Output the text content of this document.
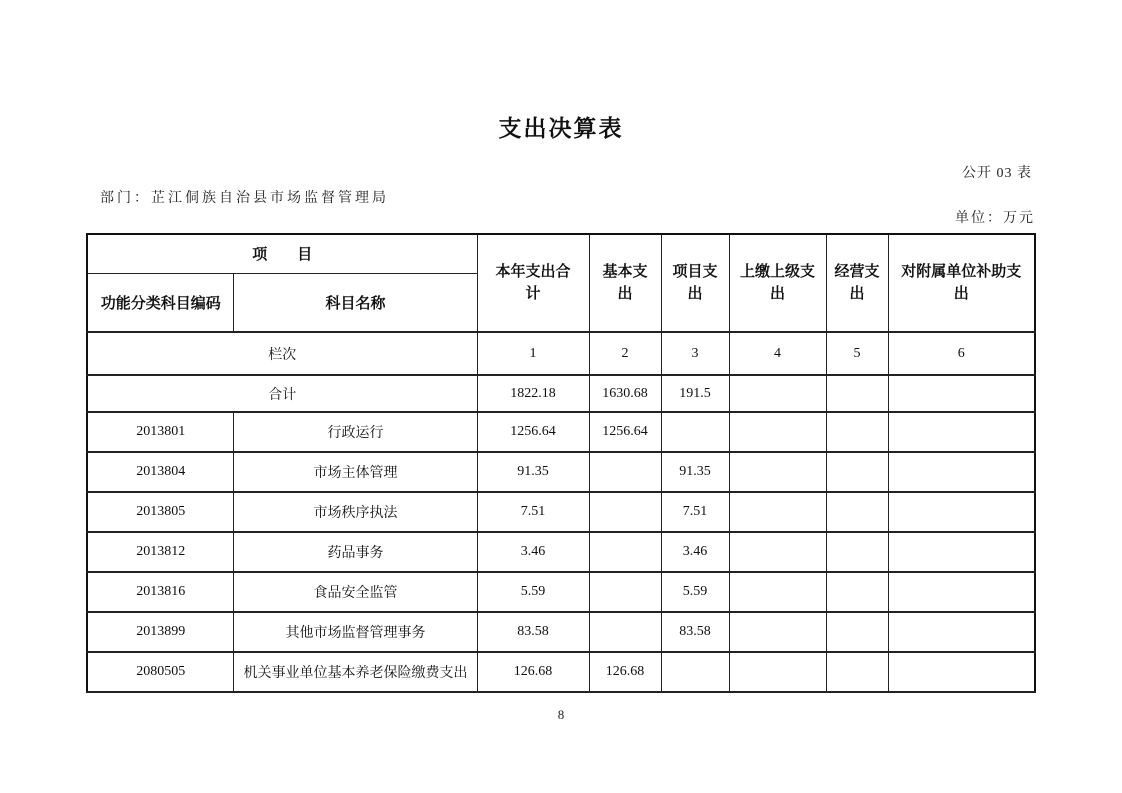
支出决算表
公开 03 表
部门：芷江侗族自治县市场监督管理局
单位：万元
项　　目		本年支出合计	基本支出	项目支出	上缴上级支出	经营支出	对附属单位补助支出
功能分类科目编码	科目名称						
栏次		1	2	3	4	5	6
合计		1822.18	1630.68	191.5			
2013801	行政运行	1256.64	1256.64				
2013804	市场主体管理	91.35		91.35			
2013805	市场秩序执法	7.51		7.51			
2013812	药品事务	3.46		3.46			
2013816	食品安全监管	5.59		5.59			
2013899	其他市场监督管理事务	83.58		83.58			
2080505	机关事业单位基本养老保险缴费支出	126.68	126.68				
8
